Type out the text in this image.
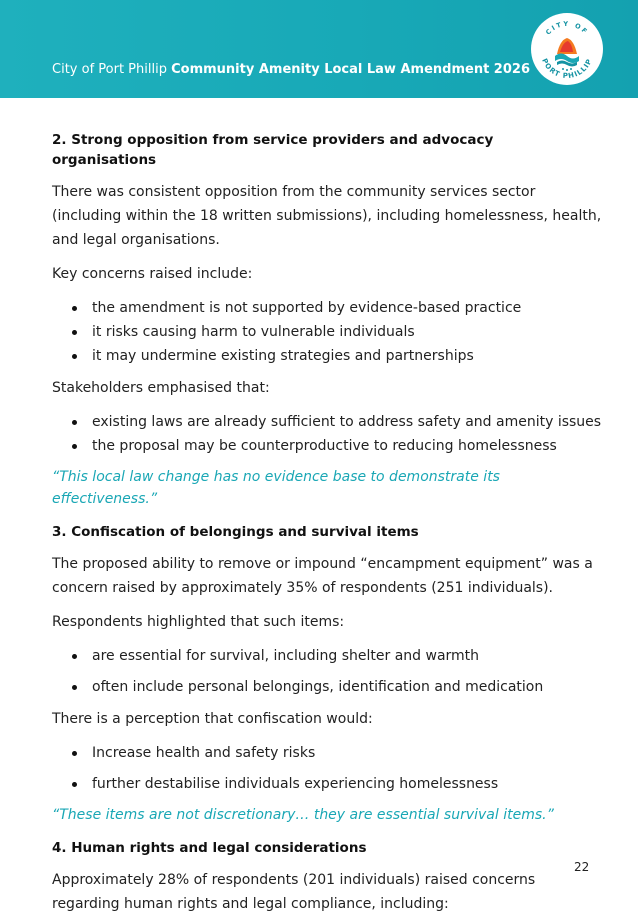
City of Port Phillip Community Amenity Local Law Amendment 2026
CITY OF
PORT PHILLIP
2. Strong opposition from service providers and advocacy organisations
There was consistent opposition from the community services sector (including within the 18 written submissions), including homelessness, health, and legal organisations.
Key concerns raised include:
the amendment is not supported by evidence-based practice
it risks causing harm to vulnerable individuals
it may undermine existing strategies and partnerships
Stakeholders emphasised that:
existing laws are already sufficient to address safety and amenity issues
the proposal may be counterproductive to reducing homelessness
“This local law change has no evidence base to demonstrate its effectiveness.”
3. Confiscation of belongings and survival items
The proposed ability to remove or impound “encampment equipment” was a concern raised by approximately 35% of respondents (251 individuals).
Respondents highlighted that such items:
are essential for survival, including shelter and warmth
often include personal belongings, identification and medication
There is a perception that confiscation would:
Increase health and safety risks
further destabilise individuals experiencing homelessness
“These items are not discretionary… they are essential survival items.”
4. Human rights and legal considerations
Approximately 28% of respondents (201 individuals) raised concerns regarding human rights and legal compliance, including:
22
